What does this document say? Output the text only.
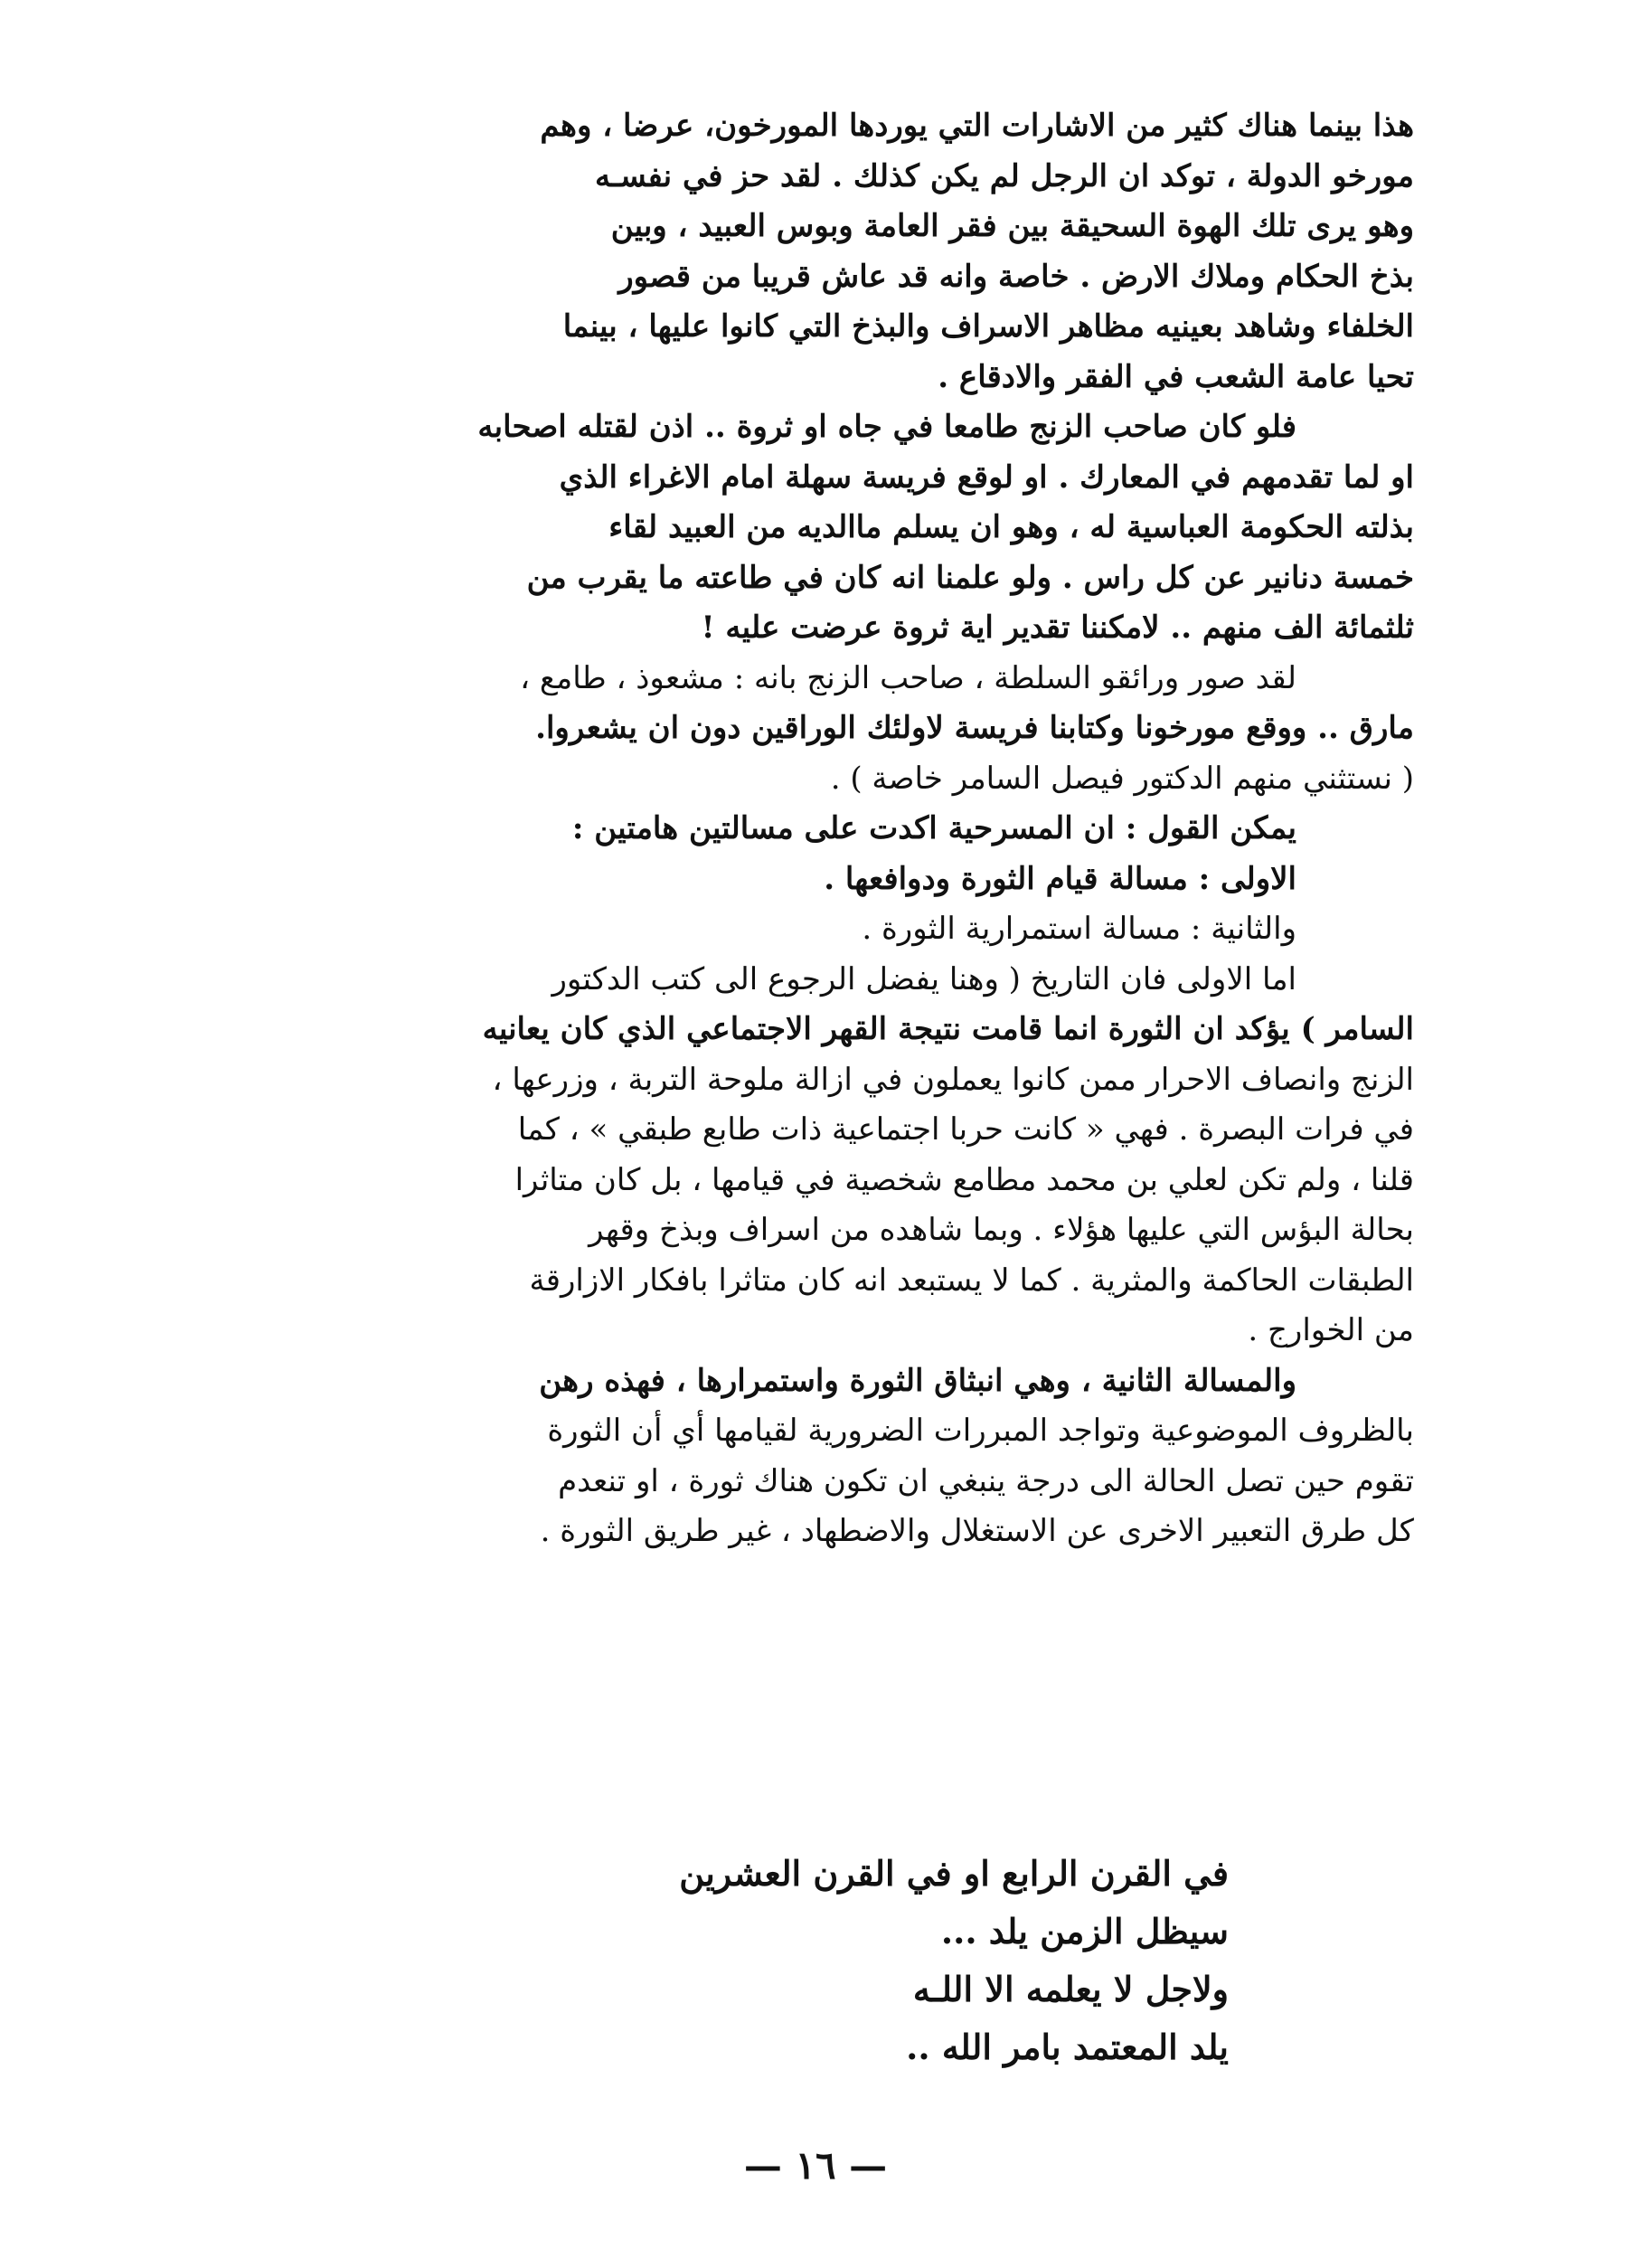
هذا بينما هناك كثير من الاشارات التي يوردها المورخون، عرضا ، وهم
مورخو الدولة ، توكد ان الرجل لم يكن كذلك . لقد حز في نفسـه
وهو يرى تلك الهوة السحيقة بين فقر العامة وبوس العبيد ، وبين
بذخ الحكام وملاك الارض . خاصة وانه قد عاش قريبا من قصور
الخلفاء وشاهد بعينيه مظاهر الاسراف والبذخ التي كانوا عليها ، بينما
تحيا عامة الشعب في الفقر والادقاع .
فلو كان صاحب الزنج طامعا في جاه او ثروة .. اذن لقتله اصحابه
او لما تقدمهم في المعارك . او لوقع فريسة سهلة امام الاغراء الذي
بذلته الحكومة العباسية له ، وهو ان يسلم ماالديه من العبيد لقاء
خمسة دنانير عن كل راس . ولو علمنا انه كان في طاعته ما يقرب من
ثلثمائة الف منهم .. لامكننا تقدير اية ثروة عرضت عليه !
لقد صور ورائقو السلطة ، صاحب الزنج بانه : مشعوذ ، طامع ،
مارق .. ووقع مورخونا وكتابنا فريسة لاولئك الوراقين دون ان يشعروا.
( نستثني منهم الدكتور فيصل السامر خاصة ) .
يمكن القول : ان المسرحية اكدت على مسالتين هامتين :
الاولى : مسالة قيام الثورة ودوافعها .
والثانية : مسالة استمرارية الثورة .
اما الاولى فان التاريخ ( وهنا يفضل الرجوع الى كتب الدكتور
السامر ) يؤكد ان الثورة انما قامت نتيجة القهر الاجتماعي الذي كان يعانيه
الزنج وانصاف الاحرار ممن كانوا يعملون في ازالة ملوحة التربة ، وزرعها ،
في فرات البصرة . فهي « كانت حربا اجتماعية ذات طابع طبقي » ، كما
قلنا ، ولم تكن لعلي بن محمد مطامع شخصية في قيامها ، بل كان متاثرا
بحالة البؤس التي عليها هؤلاء . وبما شاهده من اسراف وبذخ وقهر
الطبقات الحاكمة والمثرية . كما لا يستبعد انه كان متاثرا بافكار الازارقة
من الخوارج .
والمسالة الثانية ، وهي انبثاق الثورة واستمرارها ، فهذه رهن
بالظروف الموضوعية وتواجد المبررات الضرورية لقيامها أي أن الثورة
تقوم حين تصل الحالة الى درجة ينبغي ان تكون هناك ثورة ، او تنعدم
كل طرق التعبير الاخرى عن الاستغلال والاضطهاد ، غير طريق الثورة .
في القرن الرابع او في القرن العشرين
سيظل الزمن يلد ...
ولاجل لا يعلمه الا اللـه
يلد المعتمد بامر الله ..
— ١٦ —
